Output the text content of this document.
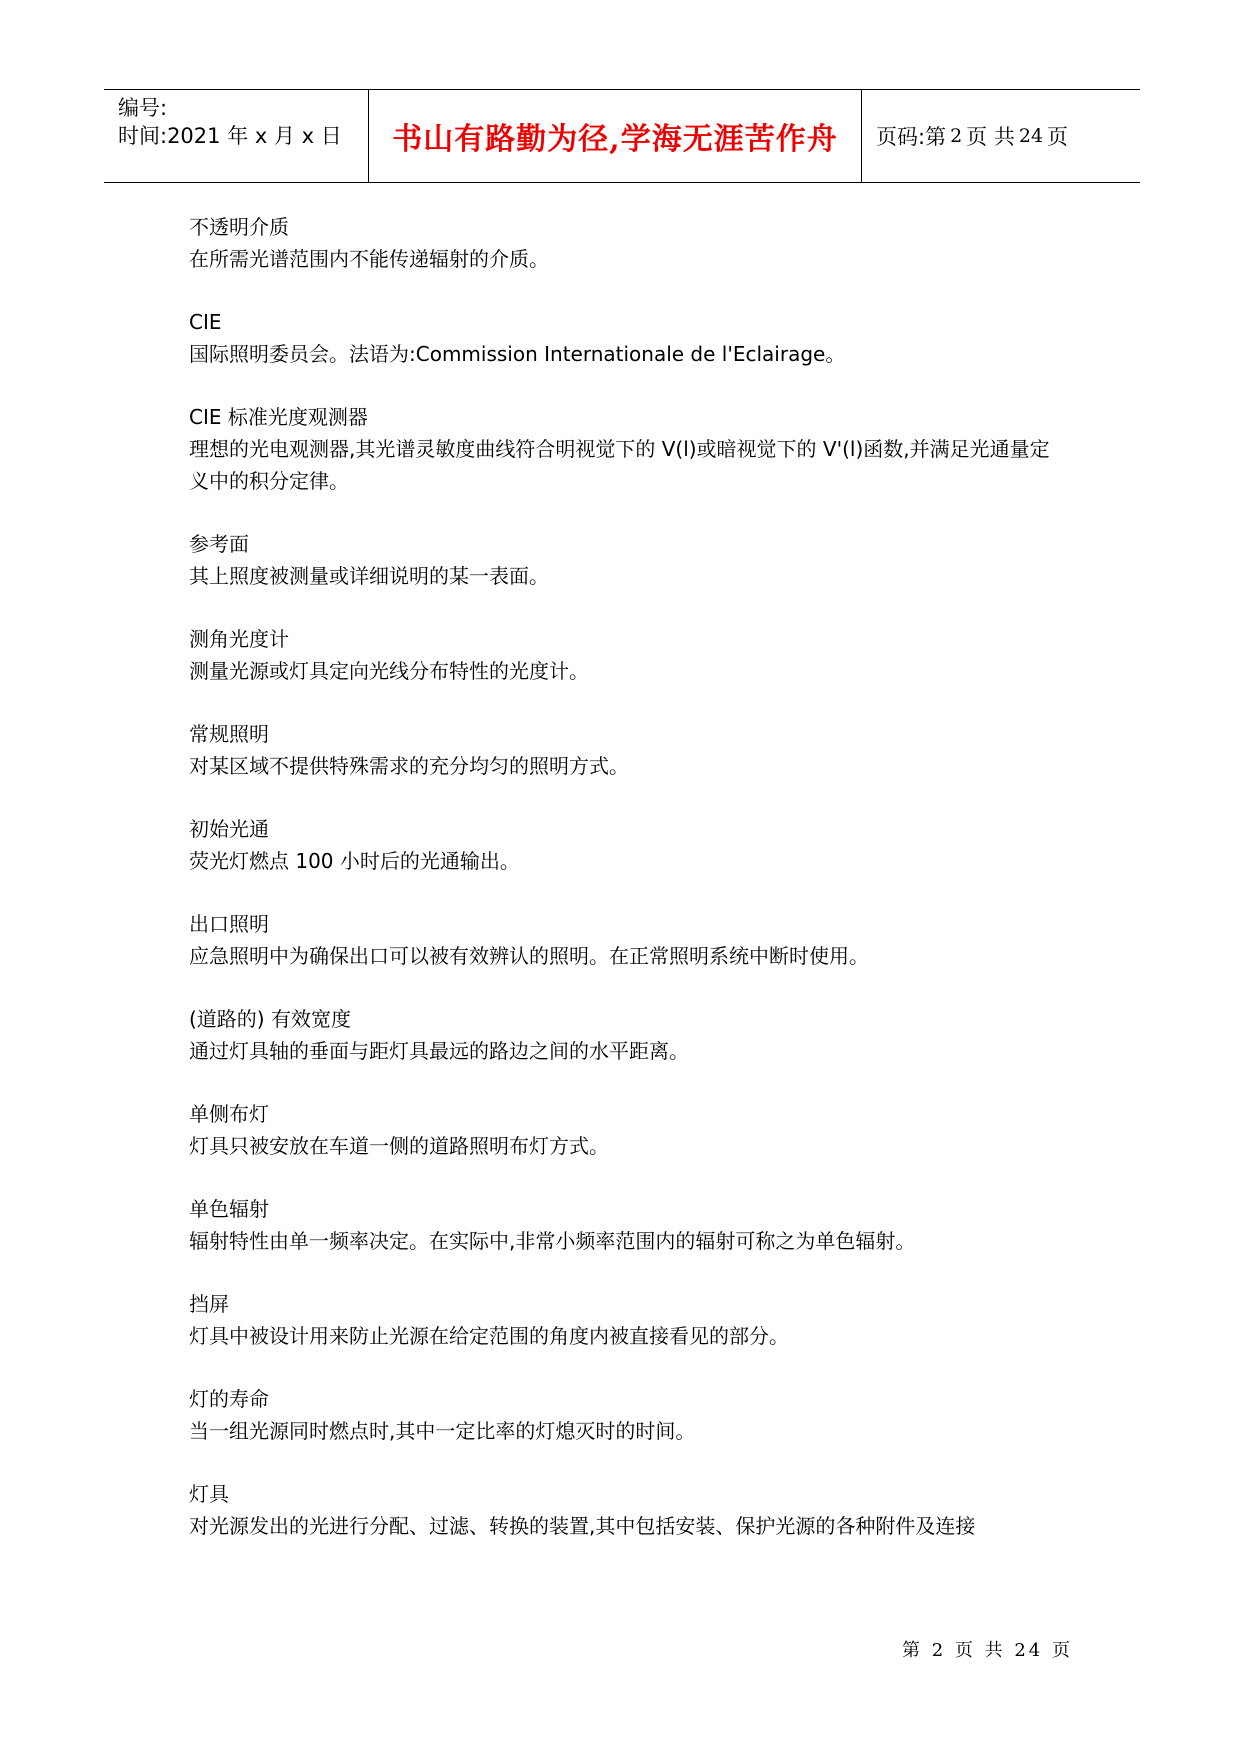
编号:
时间:2021 年 x 月 x 日	书山有路勤为径,学海无涯苦作舟	页码:第 2 页 共 24 页
不透明介质
在所需光谱范围内不能传递辐射的介质。
CIE
国际照明委员会。法语为:Commission Internationale de l'Eclairage。
CIE 标准光度观测器
理想的光电观测器,其光谱灵敏度曲线符合明视觉下的 V(l)或暗视觉下的 V'(l)函数,并满足光通量定义中的积分定律。
参考面
其上照度被测量或详细说明的某一表面。
测角光度计
测量光源或灯具定向光线分布特性的光度计。
常规照明
对某区域不提供特殊需求的充分均匀的照明方式。
初始光通
荧光灯燃点 100 小时后的光通输出。
出口照明
应急照明中为确保出口可以被有效辨认的照明。在正常照明系统中断时使用。
(道路的) 有效宽度
通过灯具轴的垂面与距灯具最远的路边之间的水平距离。
单侧布灯
灯具只被安放在车道一侧的道路照明布灯方式。
单色辐射
辐射特性由单一频率决定。在实际中,非常小频率范围内的辐射可称之为单色辐射。
挡屏
灯具中被设计用来防止光源在给定范围的角度内被直接看见的部分。
灯的寿命
当一组光源同时燃点时,其中一定比率的灯熄灭时的时间。
灯具
对光源发出的光进行分配、过滤、转换的装置,其中包括安装、保护光源的各种附件及连接
第 2 页 共 24 页
